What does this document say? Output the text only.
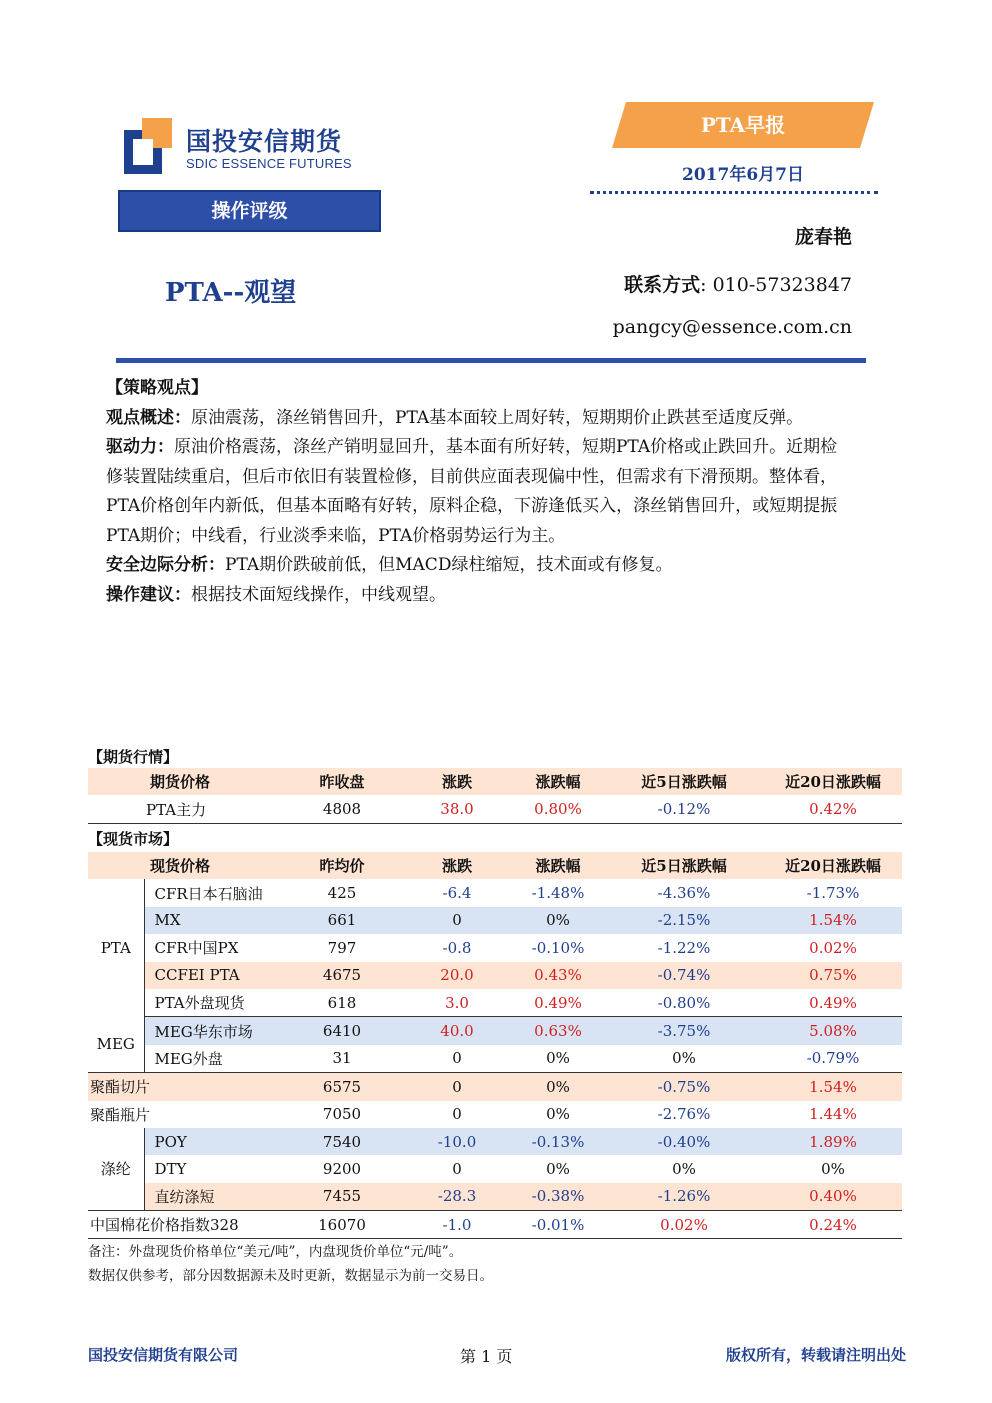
国投安信期货
SDIC ESSENCE FUTURES
PTA早报
2017年6月7日
操作评级
庞春艳
PTA--观望	联系方式: 010-57323847
pangcy@essence.com.cn

【策略观点】

观点概述：原油震荡，涤丝销售回升，PTA基本面较上周好转，短期期价止跌甚至适度反弹。

驱动力：原油价格震荡，涤丝产销明显回升，基本面有所好转，短期PTA价格或止跌回升。近期检修装置陆续重启，但后市依旧有装置检修，目前供应面表现偏中性，但需求有下滑预期。整体看，PTA价格创年内新低，但基本面略有好转，原料企稳，下游逢低买入，涤丝销售回升，或短期提振PTA期价；中线看，行业淡季来临，PTA价格弱势运行为主。

安全边际分析：PTA期价跌破前低，但MACD绿柱缩短，技术面或有修复。

操作建议：根据技术面短线操作，中线观望。

【期货行情】
	期货价格	昨收盘	涨跌	涨跌幅	近5日涨跌幅	近20日涨跌幅
	PTA主力	4808	38.0	0.80%	-0.12%	0.42%
【现货市场】
	现货价格	昨均价	涨跌	涨跌幅	近5日涨跌幅	近20日涨跌幅
PTA	CFR日本石脑油	425	-6.4	-1.48%	-4.36%	-1.73%
	MX	661	0	0%	-2.15%	1.54%
	CFR中国PX	797	-0.8	-0.10%	-1.22%	0.02%
	CCFEI PTA	4675	20.0	0.43%	-0.74%	0.75%
	PTA外盘现货	618	3.0	0.49%	-0.80%	0.49%
MEG	MEG华东市场	6410	40.0	0.63%	-3.75%	5.08%
	MEG外盘	31	0	0%	0%	-0.79%
聚酯切片		6575	0	0%	-0.75%	1.54%
聚酯瓶片		7050	0	0%	-2.76%	1.44%
涤纶	POY	7540	-10.0	-0.13%	-0.40%	1.89%
	DTY	9200	0	0%	0%	0%
	直纺涤短	7455	-28.3	-0.38%	-1.26%	0.40%
中国棉花价格指数328		16070	-1.0	-0.01%	0.02%	0.24%
备注：外盘现货价格单位“美元/吨”，内盘现货价单位“元/吨”。
数据仅供参考，部分因数据源未及时更新，数据显示为前一交易日。
国投安信期货有限公司	第 1 页	版权所有，转载请注明出处
